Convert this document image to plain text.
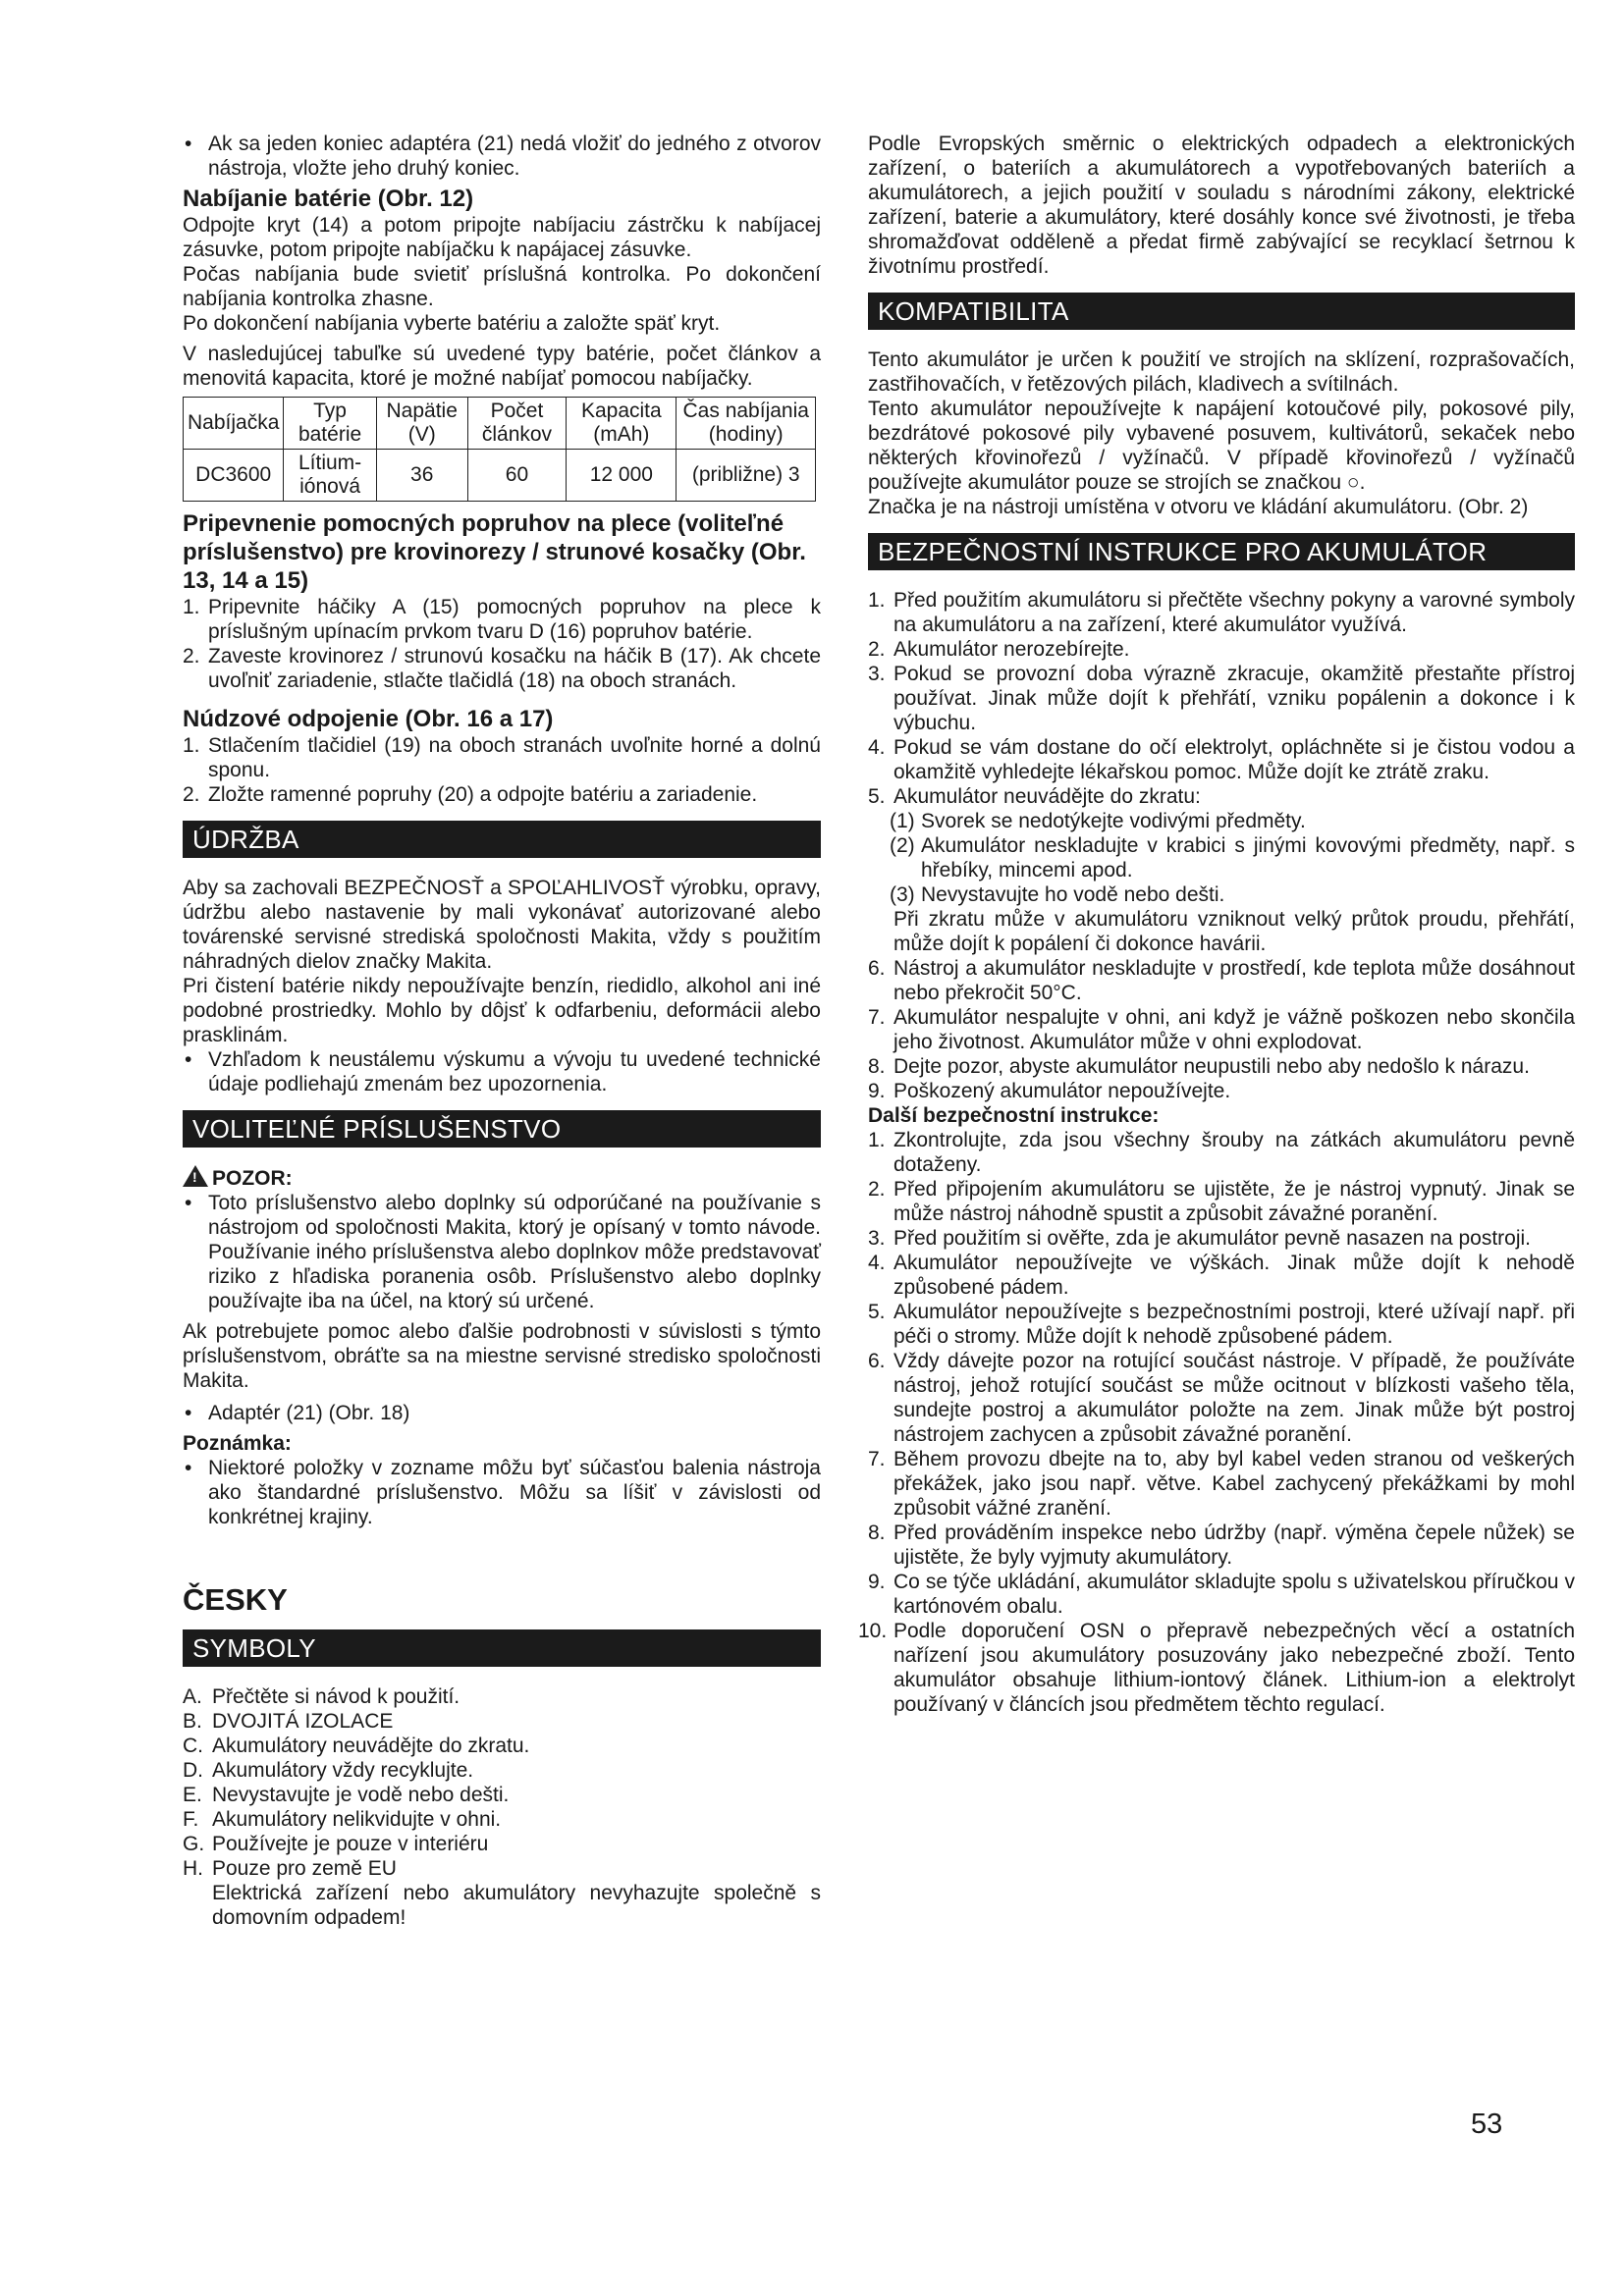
• Ak sa jeden koniec adaptéra (21) nedá vložiť do jedného z otvorov nástroja, vložte jeho druhý koniec.
Nabíjanie batérie (Obr. 12)

Odpojte kryt (14) a potom pripojte nabíjaciu zástrčku k nabíjacej zásuvke, potom pripojte nabíjačku k napájacej zásuvke.

Počas nabíjania bude svietiť príslušná kontrolka. Po dokončení nabíjania kontrolka zhasne.

Po dokončení nabíjania vyberte batériu a založte späť kryt.

V nasledujúcej tabuľke sú uvedené typy batérie, počet článkov a menovitá kapacita, ktoré je možné nabíjať pomocou nabíjačky.

Nabíjačka	Typ batérie	Napätie (V)	Počet článkov	Kapacita (mAh)	Čas nabíjania (hodiny)
DC3600	Lítium-iónová	36	60	12 000	(približne) 3
Pripevnenie pomocných popruhov na plece (voliteľné príslušenstvo) pre krovinorezy / strunové kosačky (Obr. 13, 14 a 15)
1. Pripevnite háčiky A (15) pomocných popruhov na plece k príslušným upínacím prvkom tvaru D (16) popruhov batérie.
2. Zaveste krovinorez / strunovú kosačku na háčik B (17). Ak chcete uvoľniť zariadenie, stlačte tlačidlá (18) na oboch stranách.
Núdzové odpojenie (Obr. 16 a 17)
1. Stlačením tlačidiel (19) na oboch stranách uvoľnite horné a dolnú sponu.
2. Zložte ramenné popruhy (20) a odpojte batériu a zariadenie.
ÚDRŽBA

Aby sa zachovali BEZPEČNOSŤ a SPOĽAHLIVOSŤ výrobku, opravy, údržbu alebo nastavenie by mali vykonávať autorizované alebo továrenské servisné strediská spoločnosti Makita, vždy s použitím náhradných dielov značky Makita.

Pri čistení batérie nikdy nepoužívajte benzín, riedidlo, alkohol ani iné podobné prostriedky. Mohlo by dôjsť k odfarbeniu, deformácii alebo prasklinám.

• Vzhľadom k neustálemu výskumu a vývoju tu uvedené technické údaje podliehajú zmenám bez upozornenia.
VOLITEĽNÉ PRÍSLUŠENSTVO
!POZOR:
• Toto príslušenstvo alebo doplnky sú odporúčané na používanie s nástrojom od spoločnosti Makita, ktorý je opísaný v tomto návode. Používanie iného príslušenstva alebo doplnkov môže predstavovať riziko z hľadiska poranenia osôb. Príslušenstvo alebo doplnky používajte iba na účel, na ktorý sú určené.

Ak potrebujete pomoc alebo ďalšie podrobnosti v súvislosti s týmto príslušenstvom, obráťte sa na miestne servisné stredisko spoločnosti Makita.

• Adaptér (21) (Obr. 18)
Poznámka:
• Niektoré položky v zozname môžu byť súčasťou balenia nástroja ako štandardné príslušenstvo. Môžu sa líšiť v závislosti od konkrétnej krajiny.
ČESKY
SYMBOLY
A. Přečtěte si návod k použití.
B. DVOJITÁ IZOLACE
C. Akumulátory neuvádějte do zkratu.
D. Akumulátory vždy recyklujte.
E. Nevystavujte je vodě nebo dešti.
F. Akumulátory nelikvidujte v ohni.
G. Používejte je pouze v interiéru
H. Pouze pro země EU
Elektrická zařízení nebo akumulátory nevyhazujte společně s domovním odpadem!

Podle Evropských směrnic o elektrických odpadech a elektronických zařízení, o bateriích a akumulátorech a vypotřebovaných bateriích a akumulátorech, a jejich použití v souladu s národními zákony, elektrické zařízení, baterie a akumulátory, které dosáhly konce své životnosti, je třeba shromažďovat odděleně a předat firmě zabývající se recyklací šetrnou k životnímu prostředí.

KOMPATIBILITA

Tento akumulátor je určen k použití ve strojích na sklízení, rozprašovačích, zastřihovačích, v řetězových pilách, kladivech a svítilnách.

Tento akumulátor nepoužívejte k napájení kotoučové pily, pokosové pily, bezdrátové pokosové pily vybavené posuvem, kultivátorů, sekaček nebo některých křovinořezů / vyžínačů. V případě křovinořezů / vyžínačů používejte akumulátor pouze se strojích se značkou ○.

Značka je na nástroji umístěna v otvoru ve kládání akumulátoru. (Obr. 2)

BEZPEČNOSTNÍ INSTRUKCE PRO AKUMULÁTOR
1. Před použitím akumulátoru si přečtěte všechny pokyny a varovné symboly na akumulátoru a na zařízení, které akumulátor využívá.
2. Akumulátor nerozebírejte.
3. Pokud se provozní doba výrazně zkracuje, okamžitě přestaňte přístroj používat. Jinak může dojít k přehřátí, vzniku popálenin a dokonce i k výbuchu.
4. Pokud se vám dostane do očí elektrolyt, opláchněte si je čistou vodou a okamžitě vyhledejte lékařskou pomoc. Může dojít ke ztrátě zraku.
5. Akumulátor neuvádějte do zkratu:
(1) Svorek se nedotýkejte vodivými předměty.
(2) Akumulátor neskladujte v krabici s jinými kovovými předměty, např. s hřebíky, mincemi apod.
(3) Nevystavujte ho vodě nebo dešti.

Při zkratu může v akumulátoru vzniknout velký průtok proudu, přehřátí, může dojít k popálení či dokonce havárii.

6. Nástroj a akumulátor neskladujte v prostředí, kde teplota může dosáhnout nebo překročit 50°C.
7. Akumulátor nespalujte v ohni, ani když je vážně poškozen nebo skončila jeho životnost. Akumulátor může v ohni explodovat.
8. Dejte pozor, abyste akumulátor neupustili nebo aby nedošlo k nárazu.
9. Poškozený akumulátor nepoužívejte.
Další bezpečnostní instrukce:
1. Zkontrolujte, zda jsou všechny šrouby na zátkách akumulátoru pevně dotaženy.
2. Před připojením akumulátoru se ujistěte, že je nástroj vypnutý. Jinak se může nástroj náhodně spustit a způsobit závažné poranění.
3. Před použitím si ověřte, zda je akumulátor pevně nasazen na postroji.
4. Akumulátor nepoužívejte ve výškách. Jinak může dojít k nehodě způsobené pádem.
5. Akumulátor nepoužívejte s bezpečnostními postroji, které užívají např. při péči o stromy. Může dojít k nehodě způsobené pádem.
6. Vždy dávejte pozor na rotující součást nástroje. V případě, že používáte nástroj, jehož rotující součást se může ocitnout v blízkosti vašeho těla, sundejte postroj a akumulátor položte na zem. Jinak může být postroj nástrojem zachycen a způsobit závažné poranění.
7. Během provozu dbejte na to, aby byl kabel veden stranou od veškerých překážek, jako jsou např. větve. Kabel zachycený překážkami by mohl způsobit vážné zranění.
8. Před prováděním inspekce nebo údržby (např. výměna čepele nůžek) se ujistěte, že byly vyjmuty akumulátory.
9. Co se týče ukládání, akumulátor skladujte spolu s uživatelskou příručkou v kartónovém obalu.
10. Podle doporučení OSN o přepravě nebezpečných věcí a ostatních nařízení jsou akumulátory posuzovány jako nebezpečné zboží. Tento akumulátor obsahuje lithium-iontový článek. Lithium-ion a elektrolyt používaný v článcích jsou předmětem těchto regulací.
53
